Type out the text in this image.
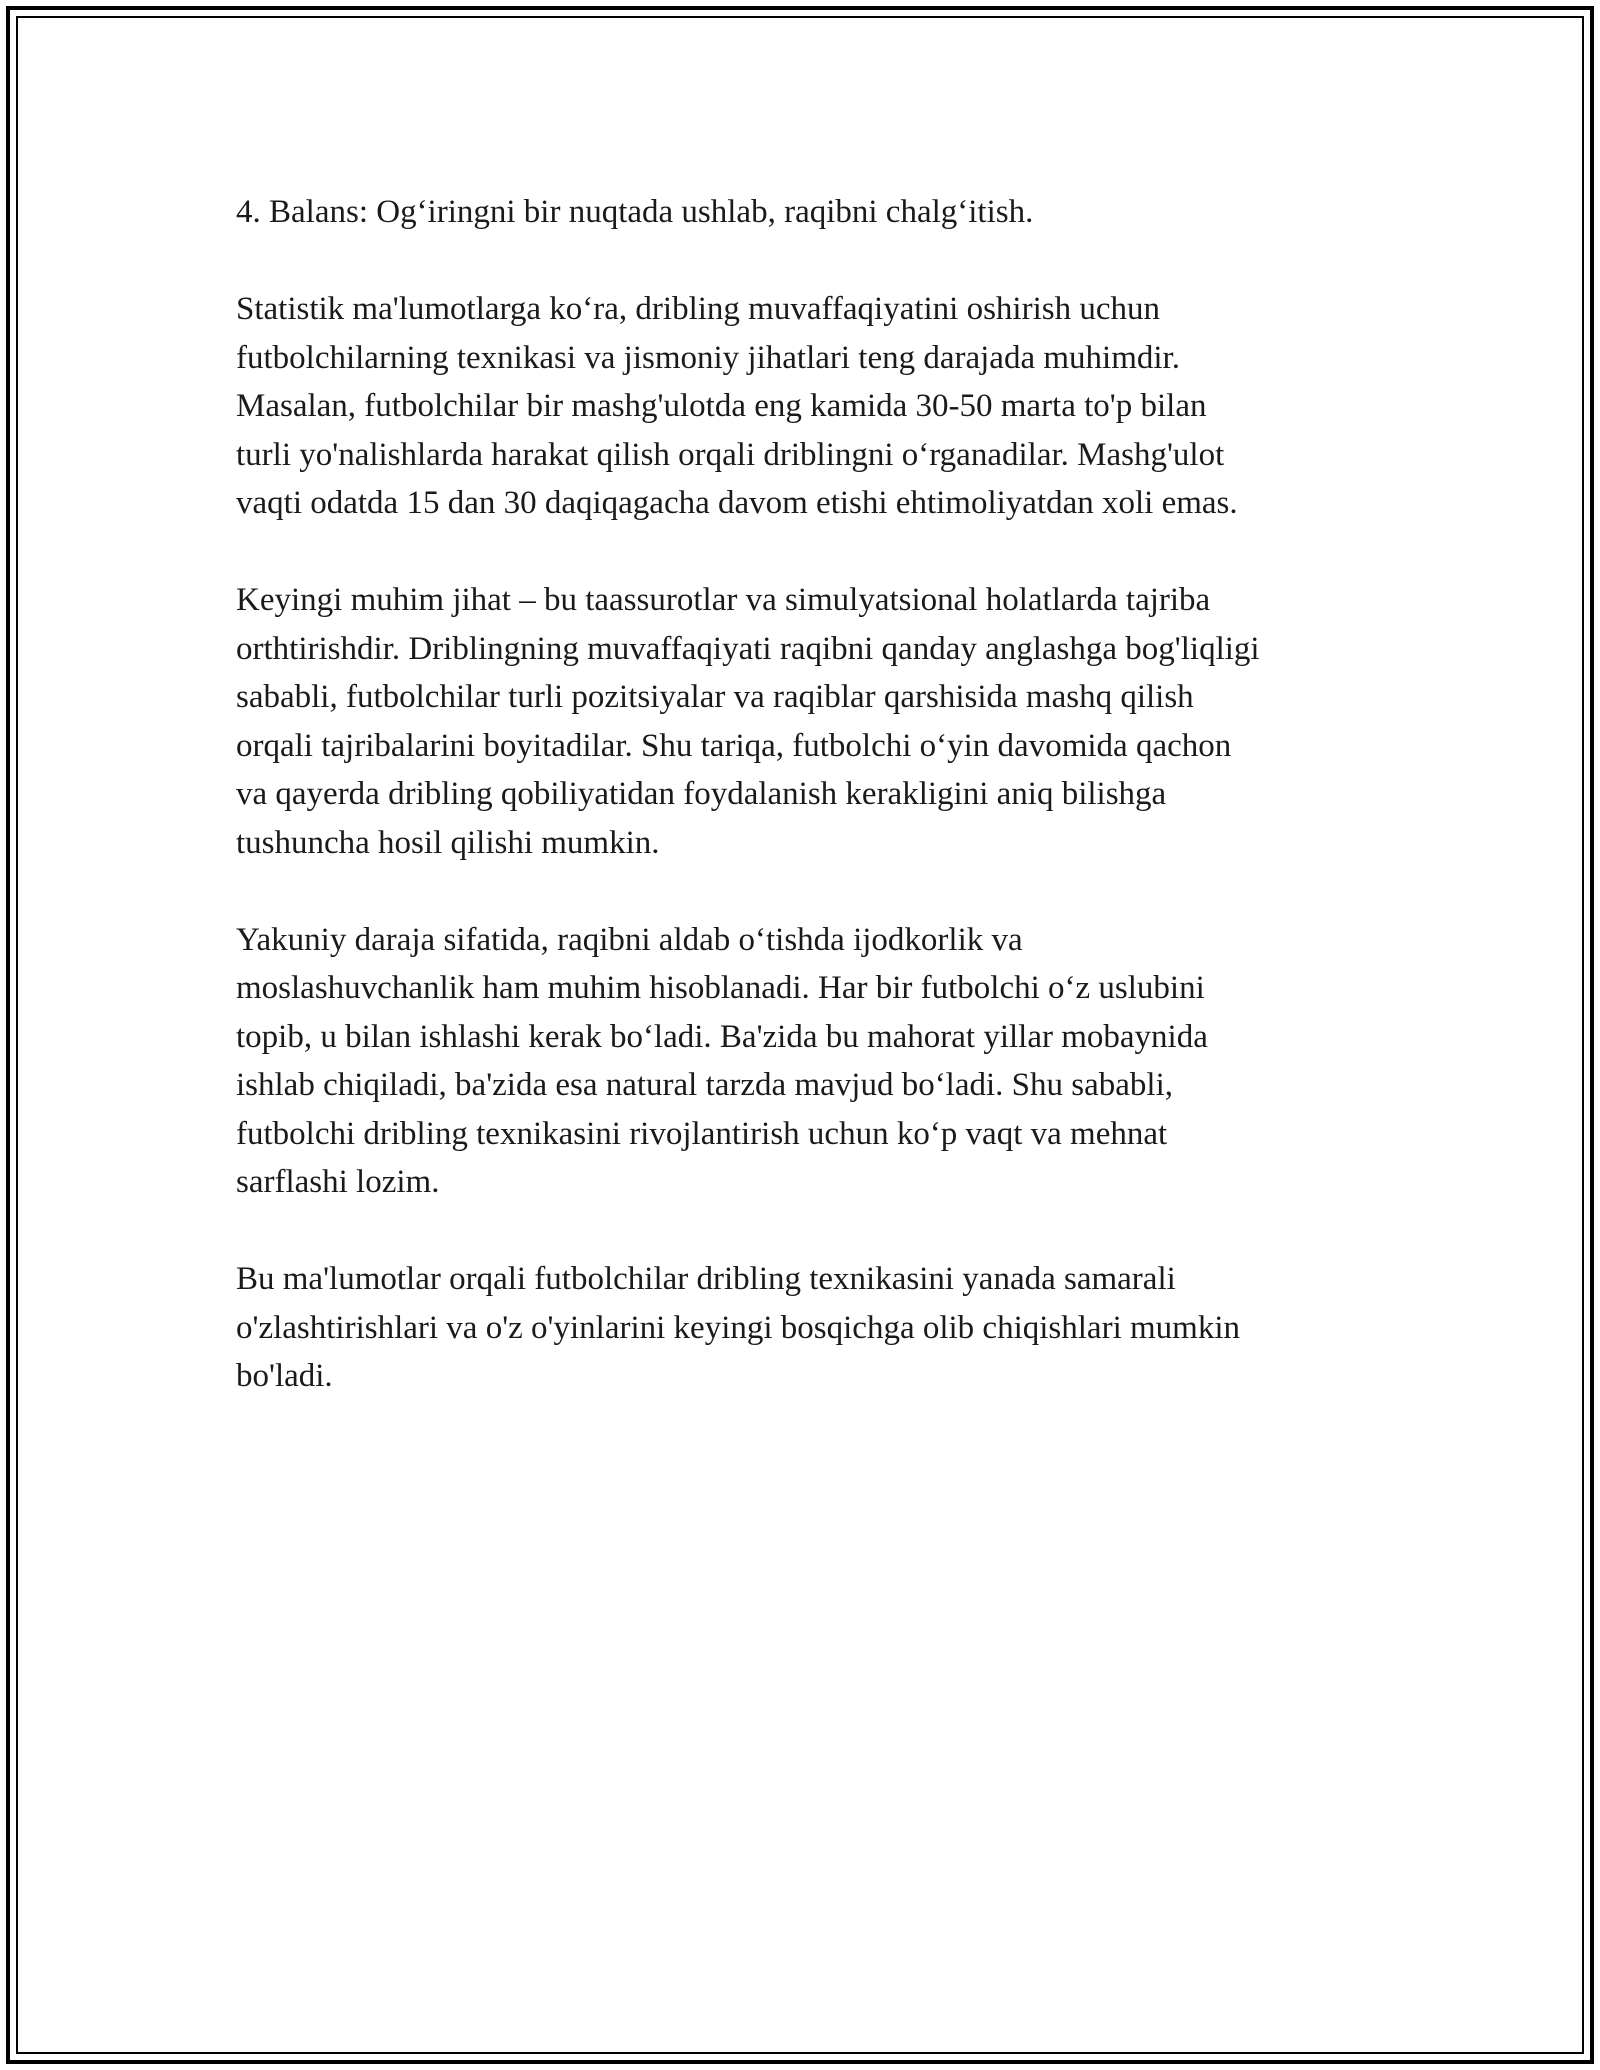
4. Balans: Og‘iringni bir nuqtada ushlab, raqibni chalg‘itish.

Statistik ma'lumotlarga ko‘ra, dribling muvaffaqiyatini oshirish uchun
futbolchilarning texnikasi va jismoniy jihatlari teng darajada muhimdir.
Masalan, futbolchilar bir mashg'ulotda eng kamida 30-50 marta to'p bilan
turli yo'nalishlarda harakat qilish orqali driblingni o‘rganadilar. Mashg'ulot
vaqti odatda 15 dan 30 daqiqagacha davom etishi ehtimoliyatdan xoli emas.

Keyingi muhim jihat – bu taassurotlar va simulyatsional holatlarda tajriba
orthtirishdir. Driblingning muvaffaqiyati raqibni qanday anglashga bog'liqligi
sababli, futbolchilar turli pozitsiyalar va raqiblar qarshisida mashq qilish
orqali tajribalarini boyitadilar. Shu tariqa, futbolchi o‘yin davomida qachon
va qayerda dribling qobiliyatidan foydalanish kerakligini aniq bilishga
tushuncha hosil qilishi mumkin.

Yakuniy daraja sifatida, raqibni aldab o‘tishda ijodkorlik va
moslashuvchanlik ham muhim hisoblanadi. Har bir futbolchi o‘z uslubini
topib, u bilan ishlashi kerak bo‘ladi. Ba'zida bu mahorat yillar mobaynida
ishlab chiqiladi, ba'zida esa natural tarzda mavjud bo‘ladi. Shu sababli,
futbolchi dribling texnikasini rivojlantirish uchun ko‘p vaqt va mehnat
sarflashi lozim.

Bu ma'lumotlar orqali futbolchilar dribling texnikasini yanada samarali
o'zlashtirishlari va o'z o'yinlarini keyingi bosqichga olib chiqishlari mumkin
bo'ladi.
